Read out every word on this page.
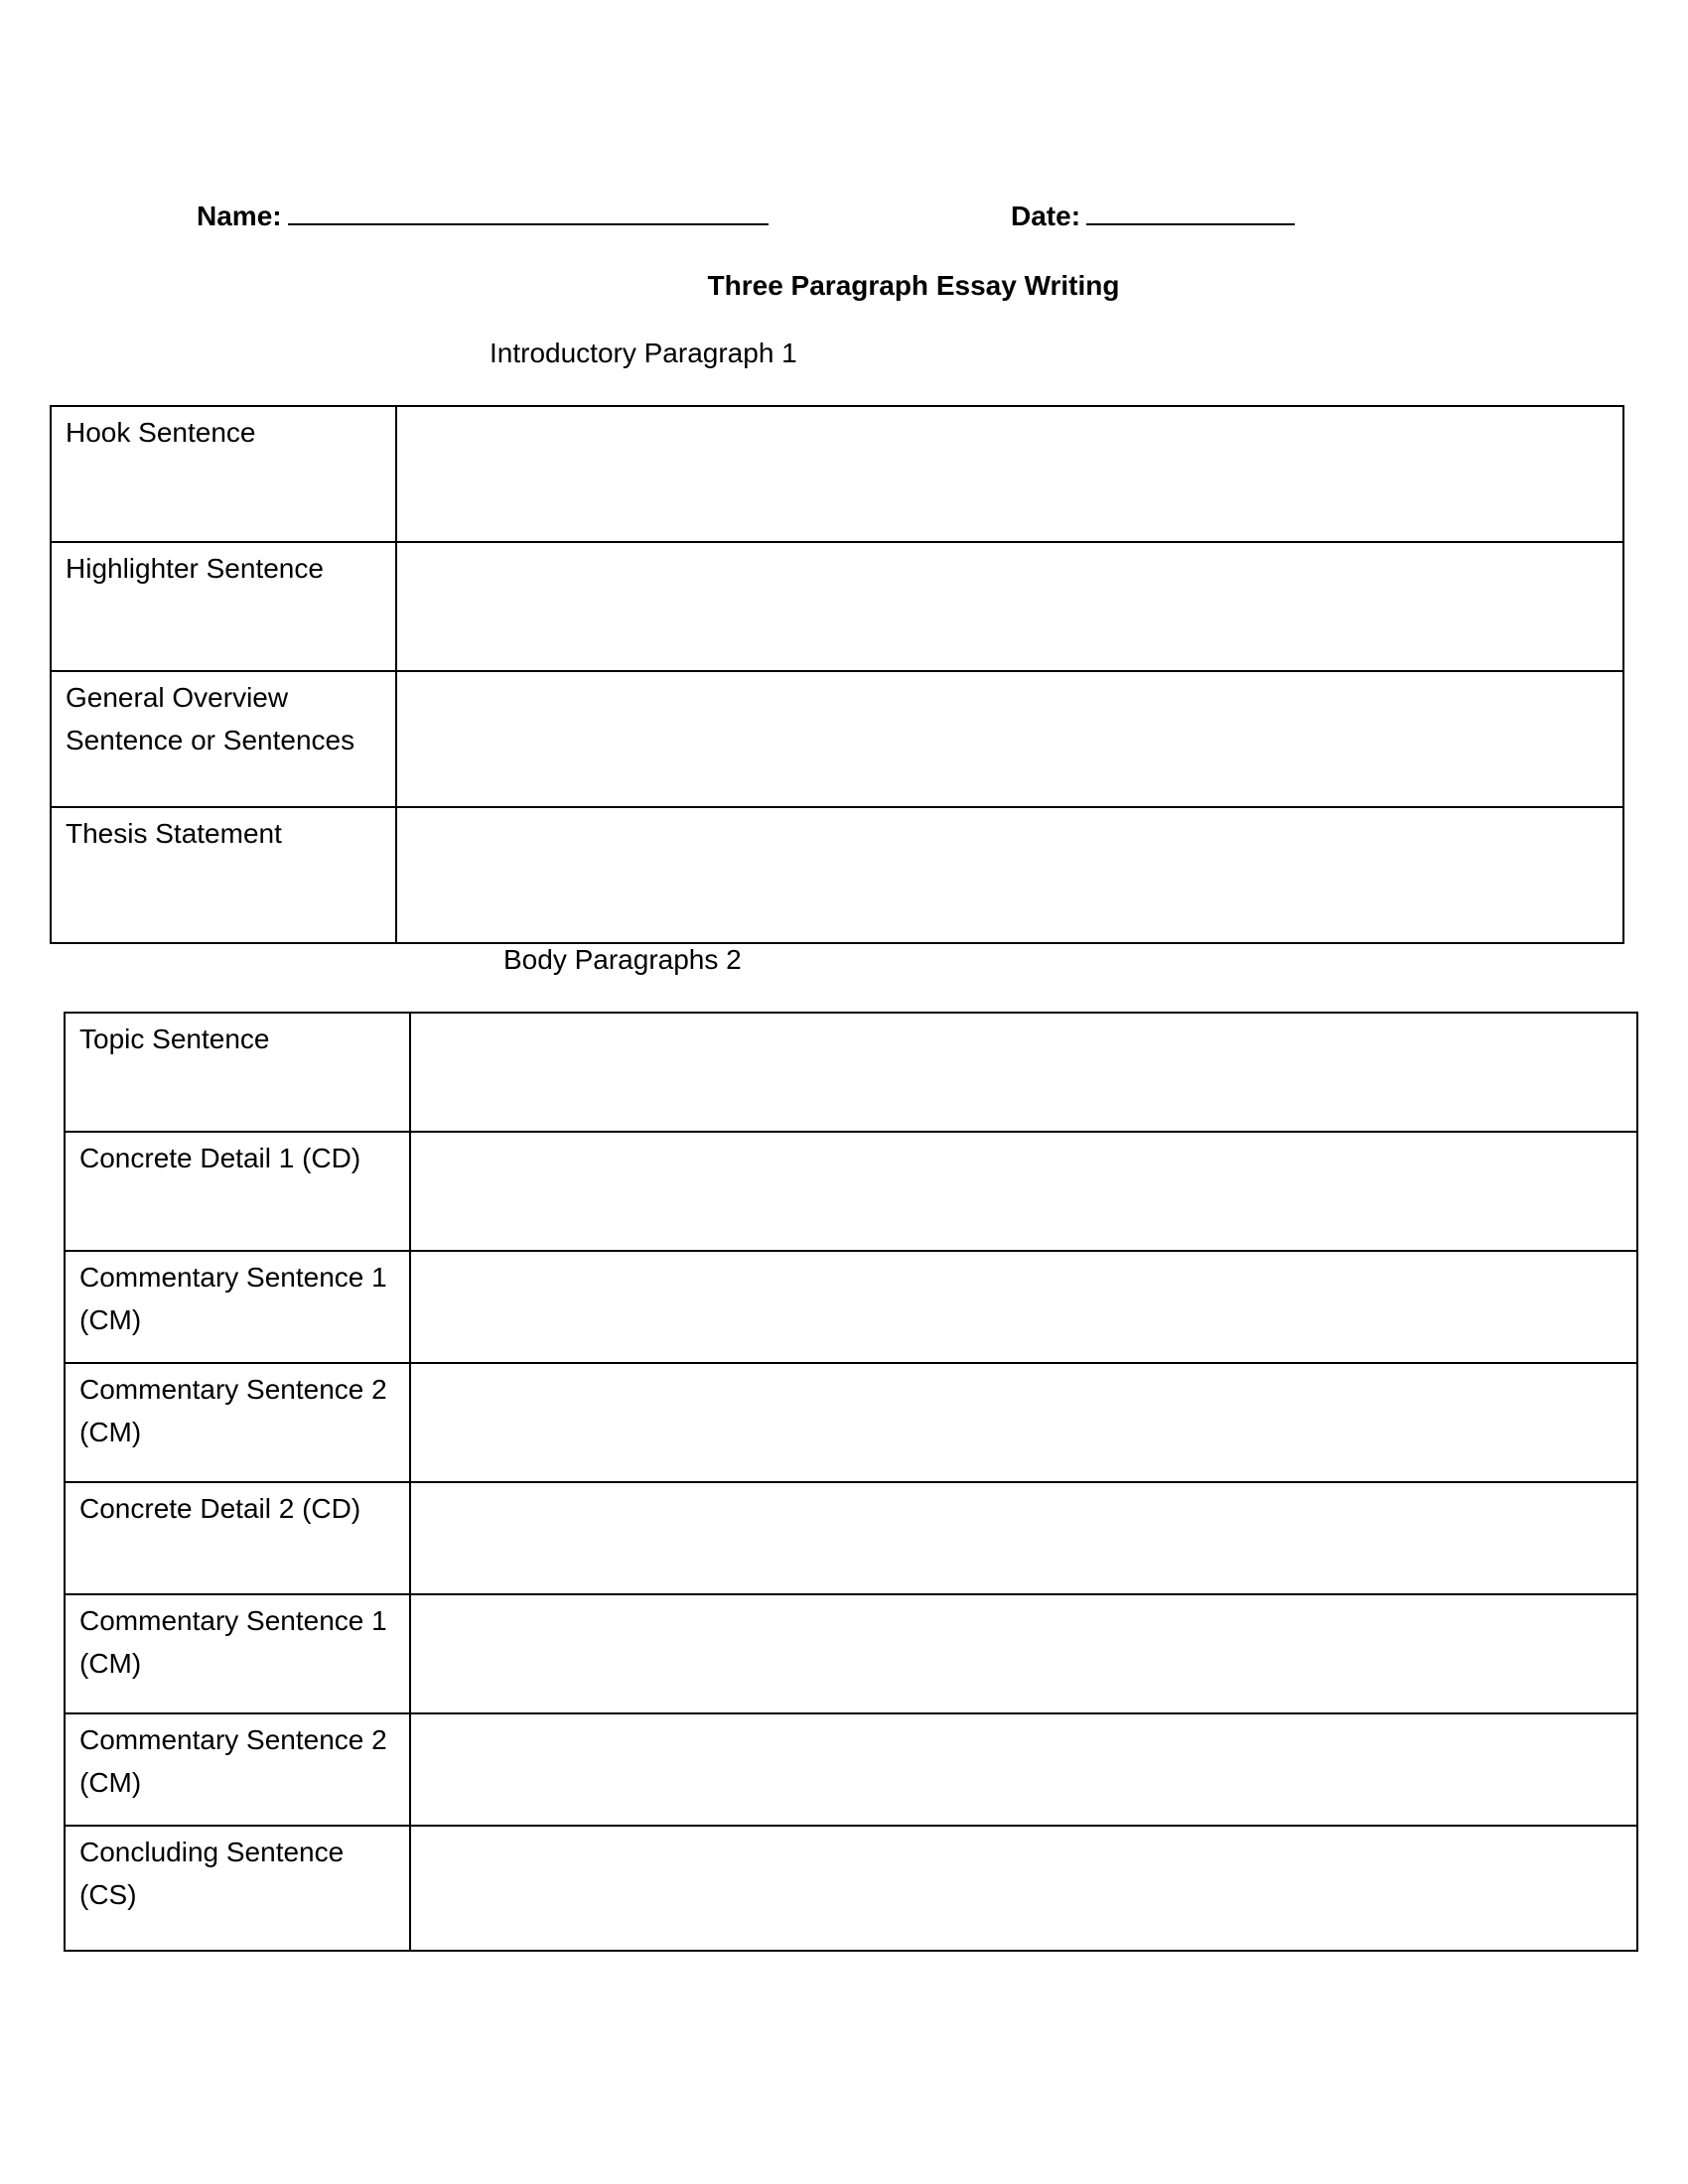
Name:	Date:
Three Paragraph Essay Writing
Introductory Paragraph 1
Hook Sentence	

Highlighter Sentence	

General Overview Sentence or Sentences	

Thesis Statement	

Body Paragraphs 2
Topic Sentence	

Concrete Detail 1 (CD)	

Commentary Sentence 1 (CM)	

Commentary Sentence 2 (CM)	

Concrete Detail 2 (CD)	

Commentary Sentence 1 (CM)	

Commentary Sentence 2 (CM)	

Concluding Sentence (CS)	
